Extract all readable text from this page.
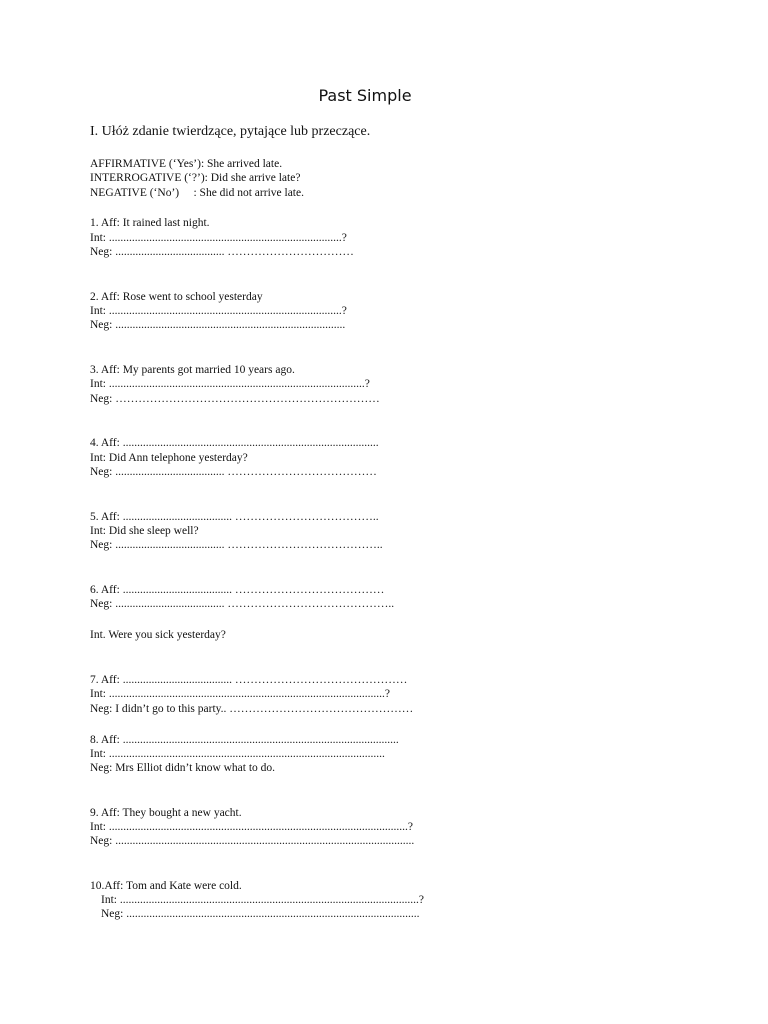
Past Simple
I. Ułóż zdanie twierdzące, pytające lub przeczące.
AFFIRMATIVE (‘Yes’): She arrived late.
INTERROGATIVE (‘?’): Did she arrive late?
NEGATIVE (‘No’)     : She did not arrive late.
1. Aff: It rained last night.
Int: .................................................................................?
Neg: ...................................... ……………………………
2. Aff: Rose went to school yesterday
Int: .................................................................................?
Neg: ................................................................................
3. Aff: My parents got married 10 years ago.
Int: .........................................................................................?
Neg: ……………………………………………………………
4. Aff: .........................................................................................
Int: Did Ann telephone yesterday?
Neg: ...................................... …………………………………
5. Aff: ...................................... ………………………………..
Int: Did she sleep well?
Neg: ...................................... …………………………………..
6. Aff: ...................................... …………………………………
Neg: ...................................... ……………………………………..
Int. Were you sick yesterday?
7. Aff: ...................................... ………………………………………
Int: ................................................................................................?
Neg: I didn’t go to this party.. …………………………………………
8. Aff: ................................................................................................
Int: ................................................................................................
Neg: Mrs Elliot didn’t know what to do.
9. Aff: They bought a new yacht.
Int: ........................................................................................................?
Neg: ........................................................................................................
10.Aff: Tom and Kate were cold.
Int: ........................................................................................................?
Neg: ......................................................................................................
